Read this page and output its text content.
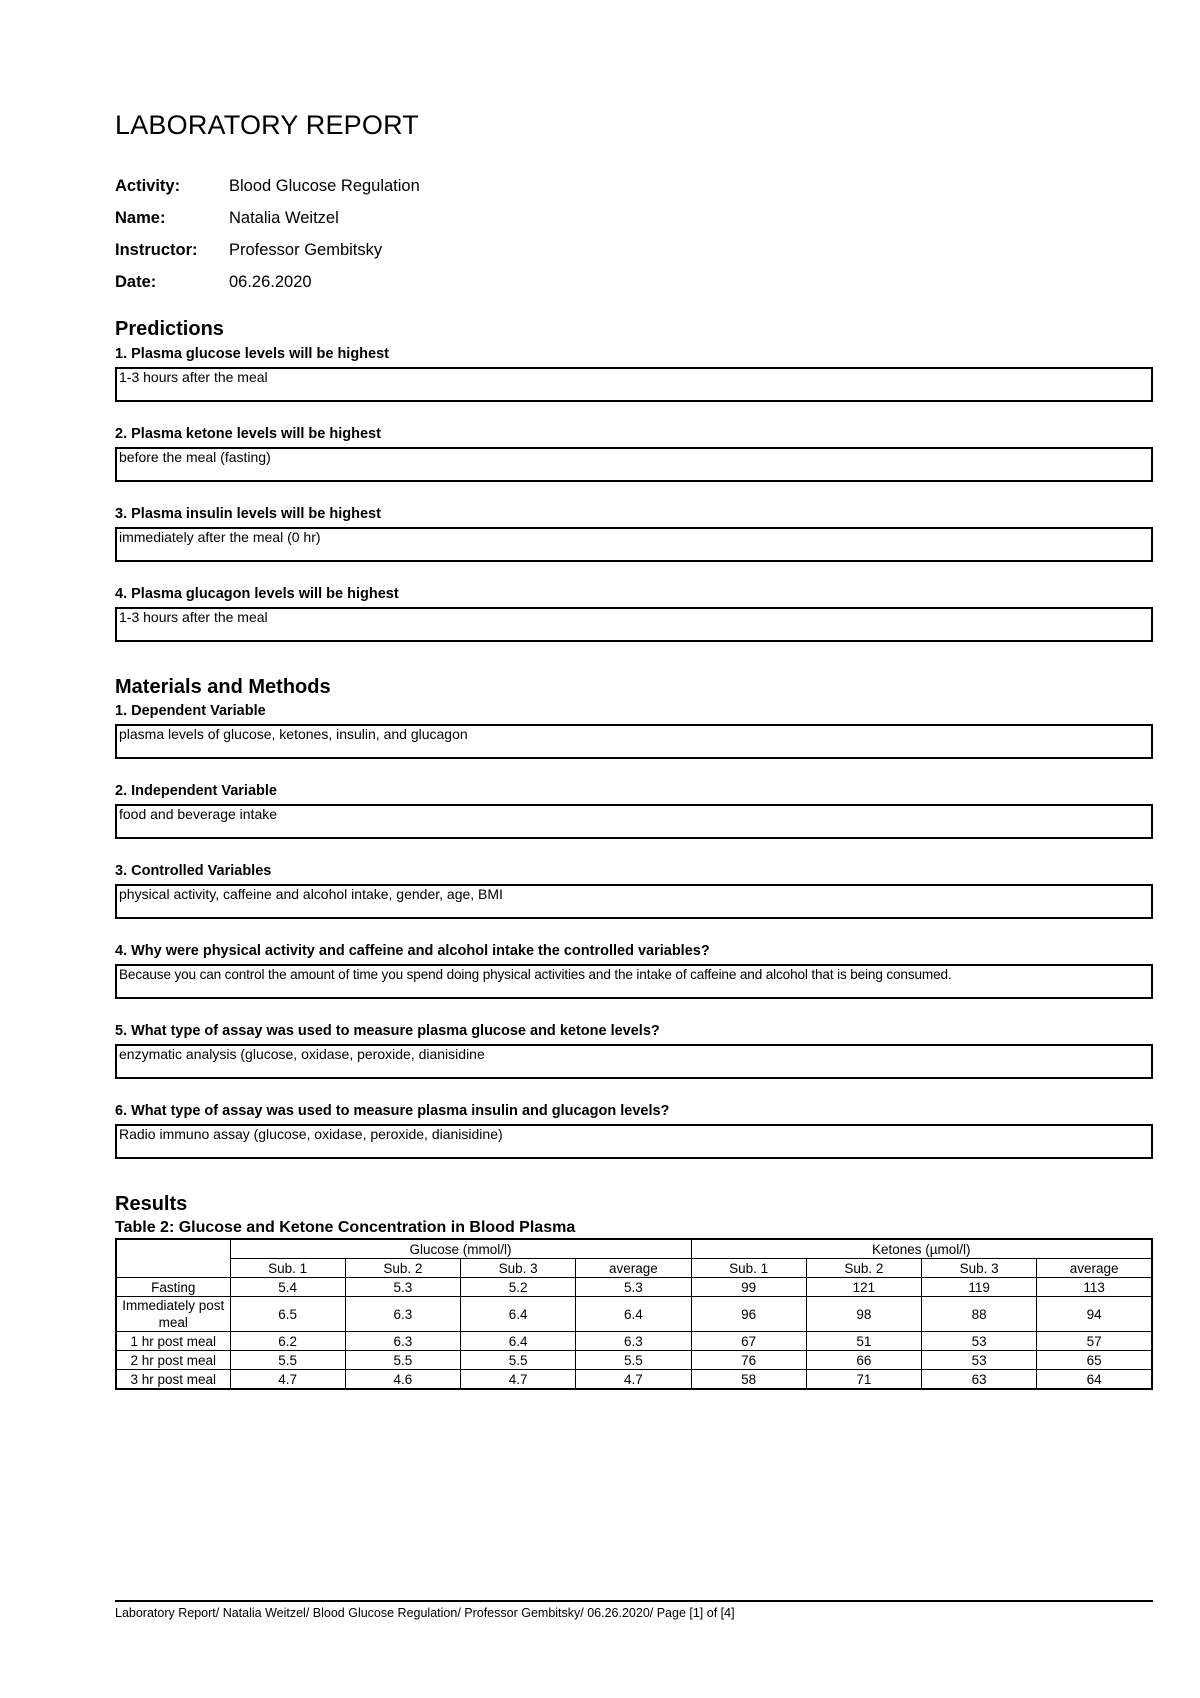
LABORATORY REPORT
Activity:	Blood Glucose Regulation
Name:	Natalia Weitzel
Instructor:	Professor Gembitsky
Date:	06.26.2020
Predictions
1. Plasma glucose levels will be highest
1-3 hours after the meal
2. Plasma ketone levels will be highest
before the meal (fasting)
3. Plasma insulin levels will be highest
immediately after the meal (0 hr)
4. Plasma glucagon levels will be highest
1-3 hours after the meal
Materials and Methods
1. Dependent Variable
plasma levels of glucose, ketones, insulin, and glucagon
2. Independent Variable
food and beverage intake
3. Controlled Variables
physical activity, caffeine and alcohol intake, gender, age, BMI
4. Why were physical activity and caffeine and alcohol intake the controlled variables?
Because you can control the amount of time you spend doing physical activities and the intake of caffeine and alcohol that is being consumed.
5. What type of assay was used to measure plasma glucose and ketone levels?
enzymatic analysis (glucose, oxidase, peroxide, dianisidine
6. What type of assay was used to measure plasma insulin and glucagon levels?
Radio immuno assay (glucose, oxidase, peroxide, dianisidine)
Results
Table 2: Glucose and Ketone Concentration in Blood Plasma
	Glucose (mmol/l)				Ketones (µmol/l)			
	Sub. 1	Sub. 2	Sub. 3	average	Sub. 1	Sub. 2	Sub. 3	average
Fasting	5.4	5.3	5.2	5.3	99	121	119	113
Immediately post meal	6.5	6.3	6.4	6.4	96	98	88	94
1 hr post meal	6.2	6.3	6.4	6.3	67	51	53	57
2 hr post meal	5.5	5.5	5.5	5.5	76	66	53	65
3 hr post meal	4.7	4.6	4.7	4.7	58	71	63	64
Laboratory Report/ Natalia Weitzel/ Blood Glucose Regulation/ Professor Gembitsky/ 06.26.2020/ Page [1] of [4]
